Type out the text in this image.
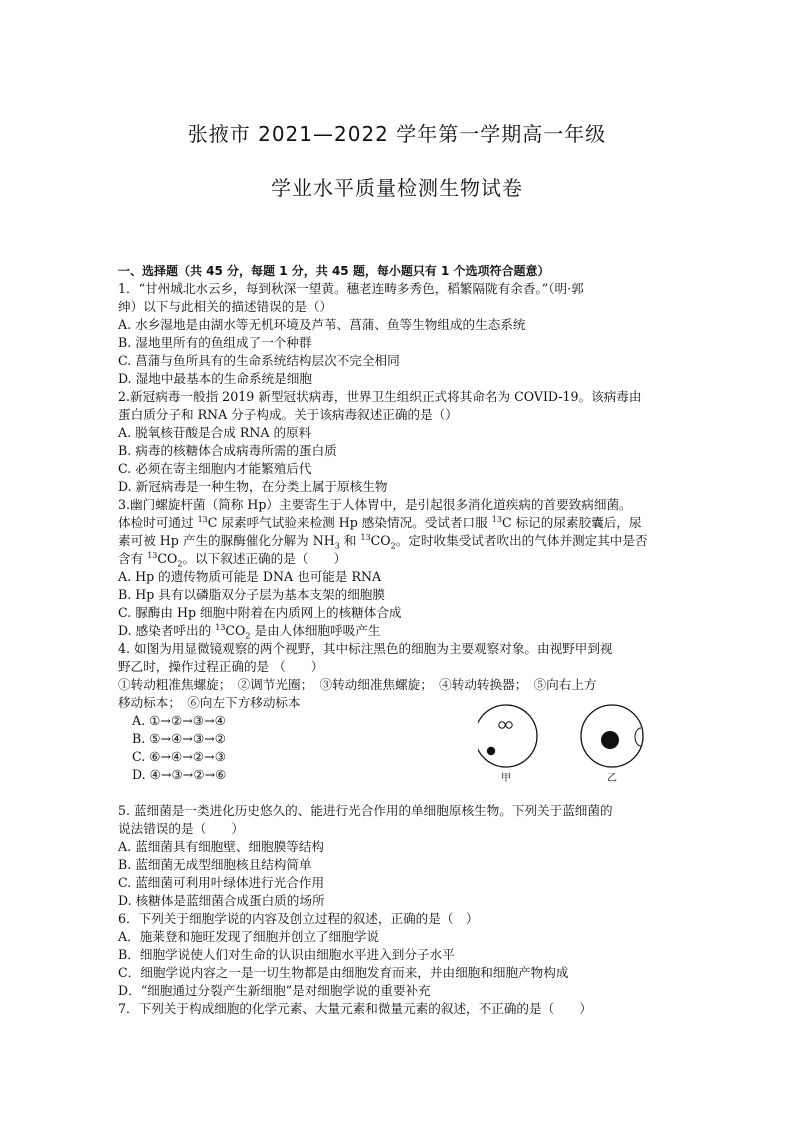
张掖市 2021—2022 学年第一学期高一年级
学业水平质量检测生物试卷
一、选择题（共 45 分，每题 1 分，共 45 题，每小题只有 1 个选项符合题意）
1．“甘州城北水云乡，每到秋深一望黄。穗老连畴多秀色，稻繁隔陇有余香。”（明·郭
绅）以下与此相关的描述错误的是（）
A. 水乡湿地是由湖水等无机环境及芦苇、菖蒲、鱼等生物组成的生态系统
B. 湿地里所有的鱼组成了一个种群
C. 菖蒲与鱼所具有的生命系统结构层次不完全相同
D. 湿地中最基本的生命系统是细胞
2.新冠病毒一般指 2019 新型冠状病毒，世界卫生组织正式将其命名为 COVID-19。该病毒由
蛋白质分子和 RNA 分子构成。关于该病毒叙述正确的是（）
A. 脱氧核苷酸是合成 RNA 的原料
B. 病毒的核糖体合成病毒所需的蛋白质
C. 必须在寄主细胞内才能繁殖后代
D. 新冠病毒是一种生物，在分类上属于原核生物
3.幽门螺旋杆菌（简称 Hp）主要寄生于人体胃中，是引起很多消化道疾病的首要致病细菌。
体检时可通过 $^{13}$C 尿素呼气试验来检测 Hp 感染情况。受试者口服 $^{13}$C 标记的尿素胶囊后，尿
素可被 Hp 产生的脲酶催化分解为 $NH_3$ 和 $^{13}CO_2$。定时收集受试者吹出的气体并测定其中是否
含有 $^{13}CO_2$。以下叙述正确的是（　　）
A. Hp 的遗传物质可能是 DNA 也可能是 RNA
B. Hp 具有以磷脂双分子层为基本支架的细胞膜
C. 脲酶由 Hp 细胞中附着在内质网上的核糖体合成
D. 感染者呼出的 $^{13}CO_2$ 是由人体细胞呼吸产生
4. 如图为用显微镜观察的两个视野，其中标注黑色的细胞为主要观察对象。由视野甲到视
野乙时，操作过程正确的是 （　　）
①转动粗准焦螺旋；　②调节光圈；　③转动细准焦螺旋；　④转动转换器；　⑤向右上方
移动标本；　⑥向左下方移动标本
A. ①→②→③→④
B. ⑤→④→③→②
C. ⑥→④→②→③
D. ④→③→②→⑥	甲	乙
5. 蓝细菌是一类进化历史悠久的、能进行光合作用的单细胞原核生物。下列关于蓝细菌的
说法错误的是（　　）
A. 蓝细菌具有细胞壁、细胞膜等结构
B. 蓝细菌无成型细胞核且结构简单
C. 蓝细菌可利用叶绿体进行光合作用
D. 核糖体是蓝细菌合成蛋白质的场所
6．下列关于细胞学说的内容及创立过程的叙述，正确的是（　）
A．施莱登和施旺发现了细胞并创立了细胞学说
B．细胞学说使人们对生命的认识由细胞水平进入到分子水平
C．细胞学说内容之一是一切生物都是由细胞发育而来，并由细胞和细胞产物构成
D．“细胞通过分裂产生新细胞”是对细胞学说的重要补充
7．下列关于构成细胞的化学元素、大量元素和微量元素的叙述，不正确的是（　　）
